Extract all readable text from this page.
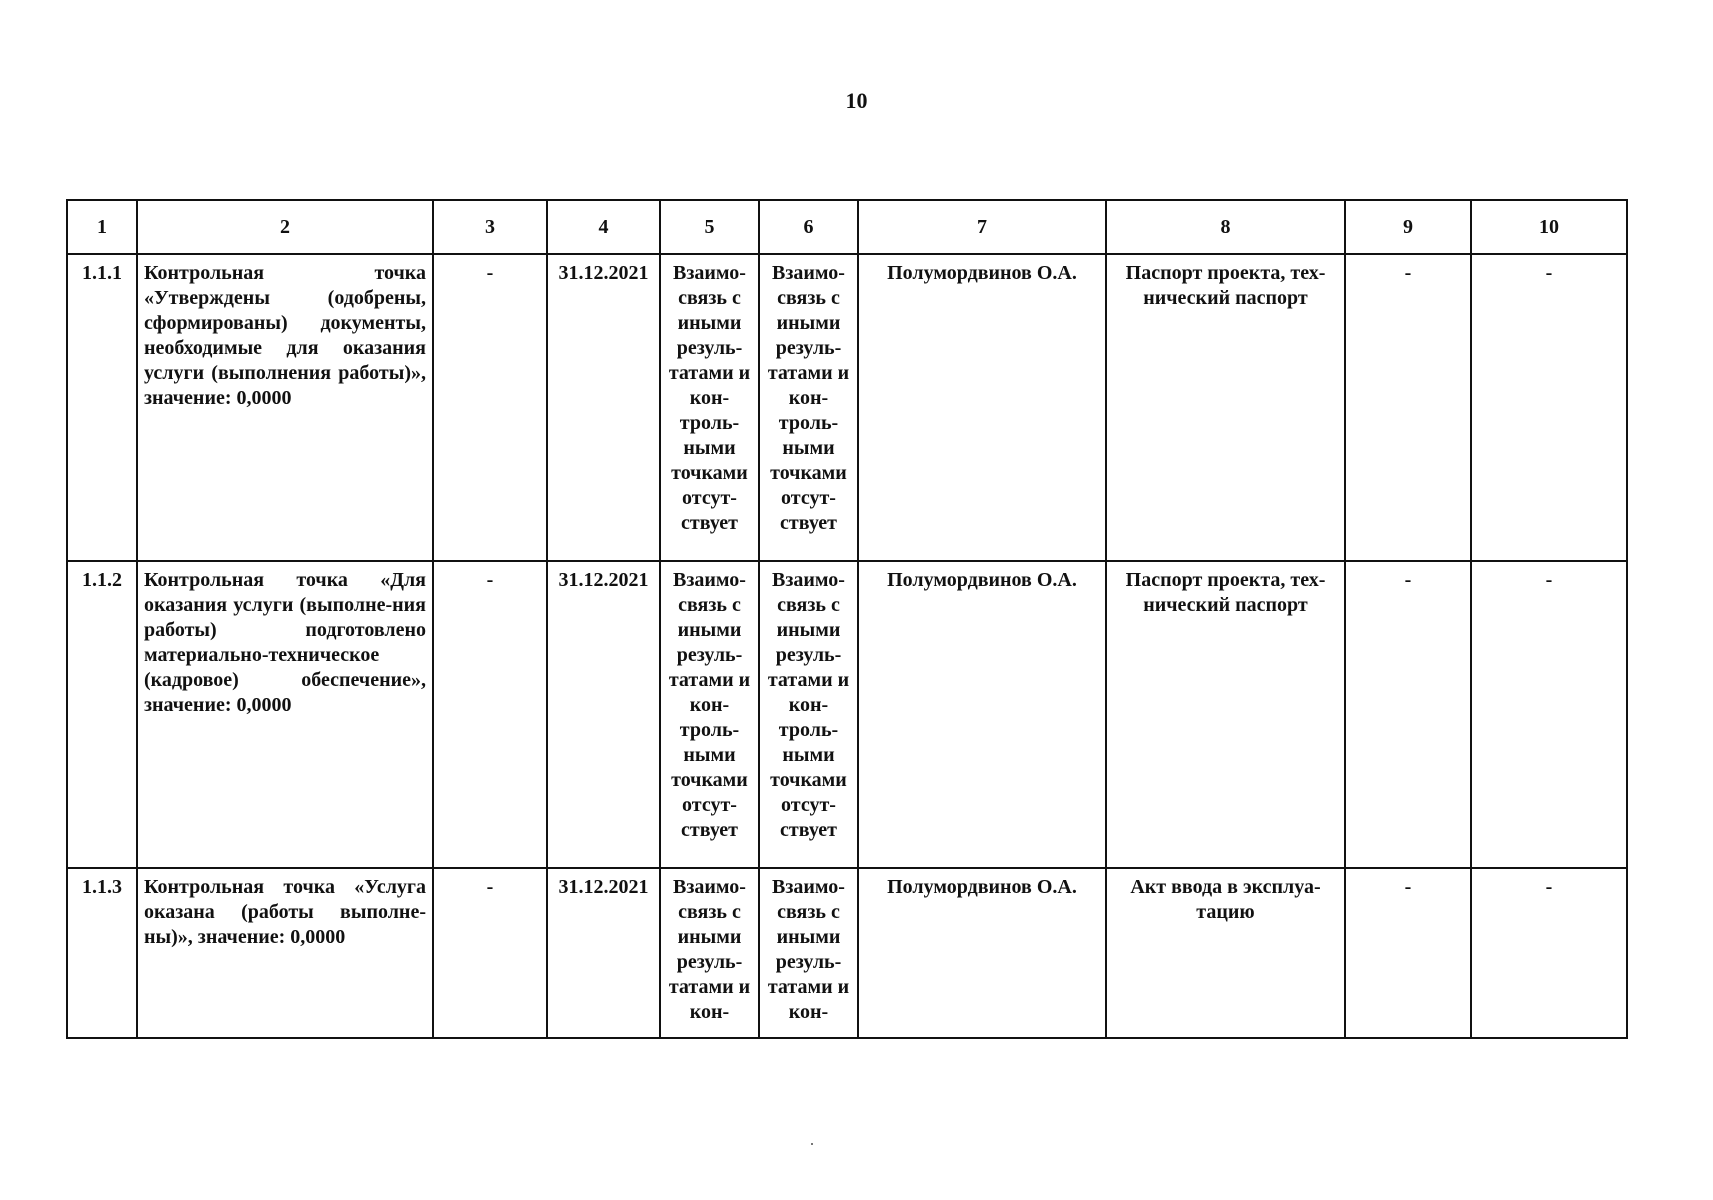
10
1	2	3	4	5	6	7	8	9	10
1.1.1	Контрольная точка «Утверждены (одобрены, сформированы) документы, необходимые для оказания услуги (выполнения работы)», значение: 0,0000	-	31.12.2021	Взаимо-связь с иными резуль-татами и кон-троль-ными точками отсут-ствует	Взаимо-связь с иными резуль-татами и кон-троль-ными точками отсут-ствует	Полумордвинов О.А.	Паспорт проекта, тех-нический паспорт	-	-
1.1.2	Контрольная точка «Для оказания услуги (выполне-ния работы) подготовлено материально-техническое (кадровое) обеспечение», значение: 0,0000	-	31.12.2021	Взаимо-связь с иными резуль-татами и кон-троль-ными точками отсут-ствует	Взаимо-связь с иными резуль-татами и кон-троль-ными точками отсут-ствует	Полумордвинов О.А.	Паспорт проекта, тех-нический паспорт	-	-
1.1.3	Контрольная точка «Услуга оказана (работы выполне-ны)», значение: 0,0000	-	31.12.2021	Взаимо-связь с иными резуль-татами и кон-	Взаимо-связь с иными резуль-татами и кон-	Полумордвинов О.А.	Акт ввода в эксплуа-тацию	-	-
